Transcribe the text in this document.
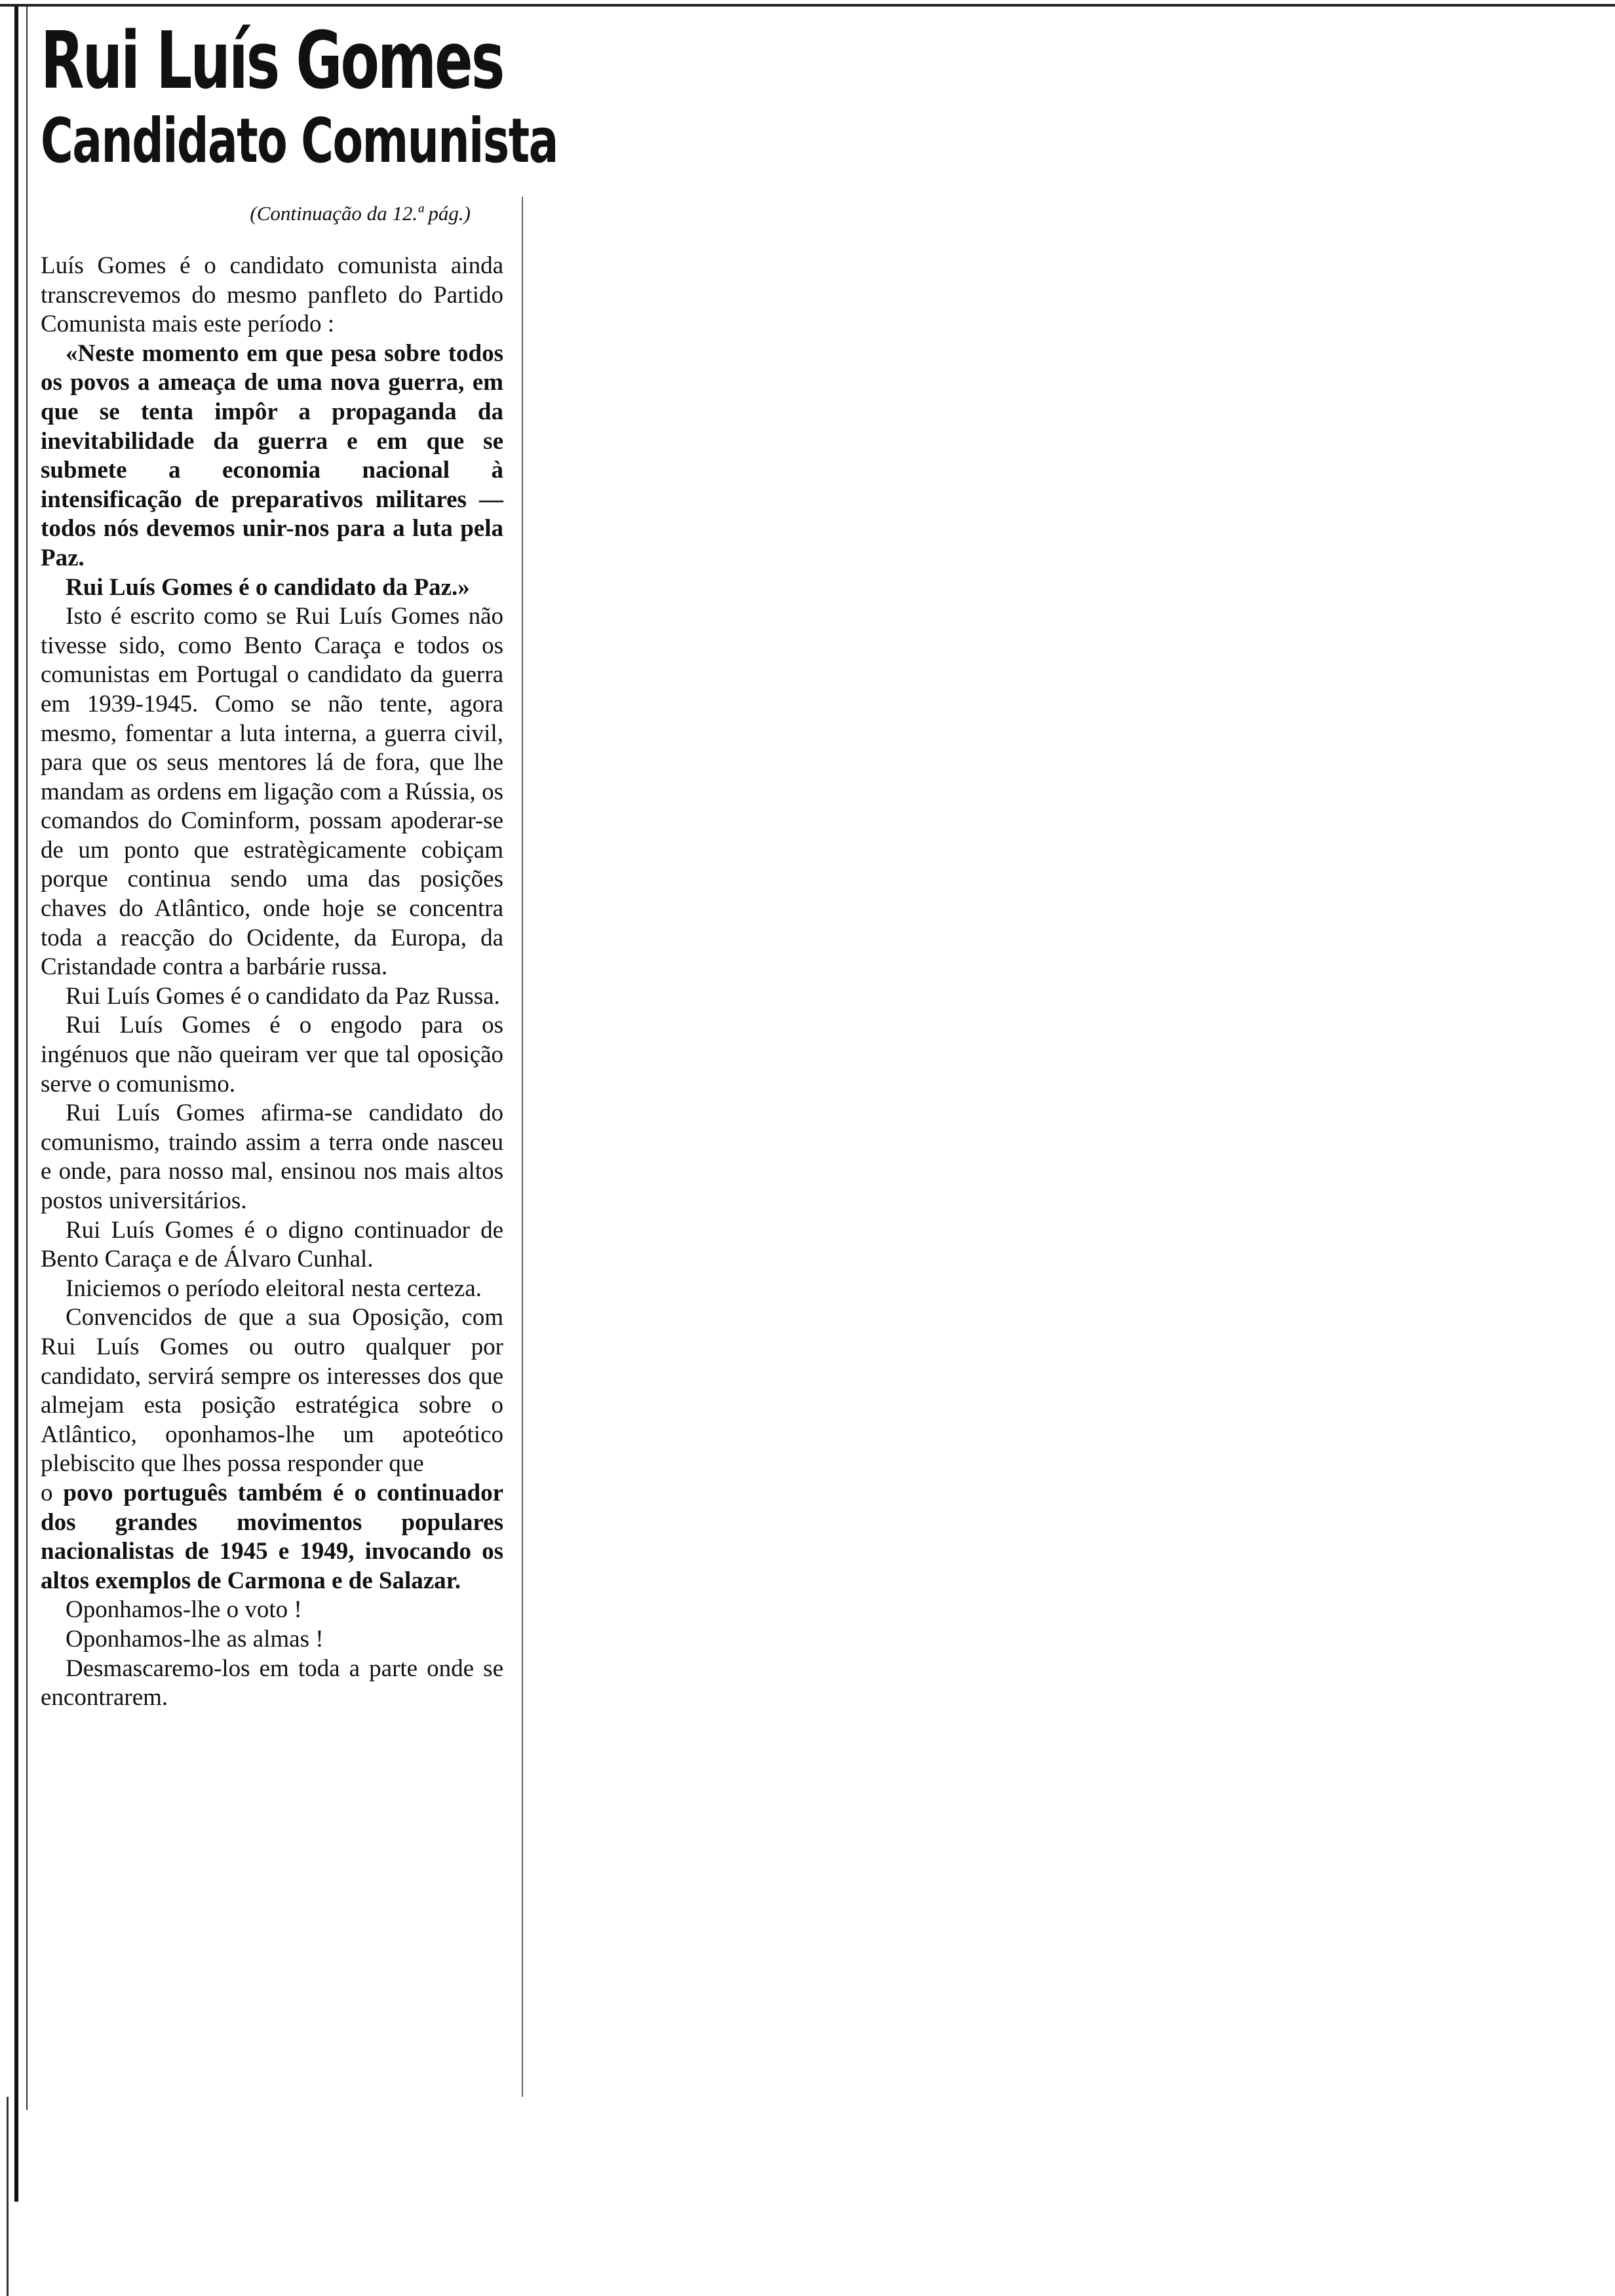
Rui Luís Gomes
Candidato Comunista
(Continuação da 12.ª pág.)

Luís Gomes é o candidato comunista ainda transcrevemos do mesmo panfleto do Partido Comunista mais este período :

«Neste momento em que pesa sobre todos os povos a ameaça de uma nova guerra, em que se tenta impôr a propaganda da inevitabilidade da guerra e em que se submete a economia nacional à intensificação de preparativos militares — todos nós devemos unir-nos para a luta pela Paz.

Rui Luís Gomes é o candidato da Paz.»

Isto é escrito como se Rui Luís Gomes não tivesse sido, como Bento Caraça e todos os comunistas em Portugal o candidato da guerra em 1939-1945. Como se não tente, agora mesmo, fomentar a luta interna, a guerra civil, para que os seus mentores lá de fora, que lhe mandam as ordens em ligação com a Rússia, os comandos do Cominform, possam apoderar-se de um ponto que estratègicamente cobiçam porque continua sendo uma das posições chaves do Atlântico, onde hoje se concentra toda a reacção do Ocidente, da Europa, da Cristandade contra a barbárie russa.

Rui Luís Gomes é o candidato da Paz Russa.

Rui Luís Gomes é o engodo para os ingénuos que não queiram ver que tal oposição serve o comunismo.

Rui Luís Gomes afirma-se candidato do comunismo, traindo assim a terra onde nasceu e onde, para nosso mal, ensinou nos mais altos postos universitários.

Rui Luís Gomes é o digno continuador de Bento Caraça e de Álvaro Cunhal.

Iniciemos o período eleitoral nesta certeza.

Convencidos de que a sua Oposição, com Rui Luís Gomes ou outro qualquer por candidato, servirá sempre os interesses dos que almejam esta posição estratégica sobre o Atlântico, oponhamos-lhe um apoteótico plebiscito que lhes possa responder que

o povo português também é o continuador dos grandes movimentos populares nacionalistas de 1945 e 1949, invocando os altos exemplos de Carmona e de Salazar.

Oponhamos-lhe o voto !

Oponhamos-lhe as almas !

Desmascaremo-los em toda a parte onde se encontrarem.
